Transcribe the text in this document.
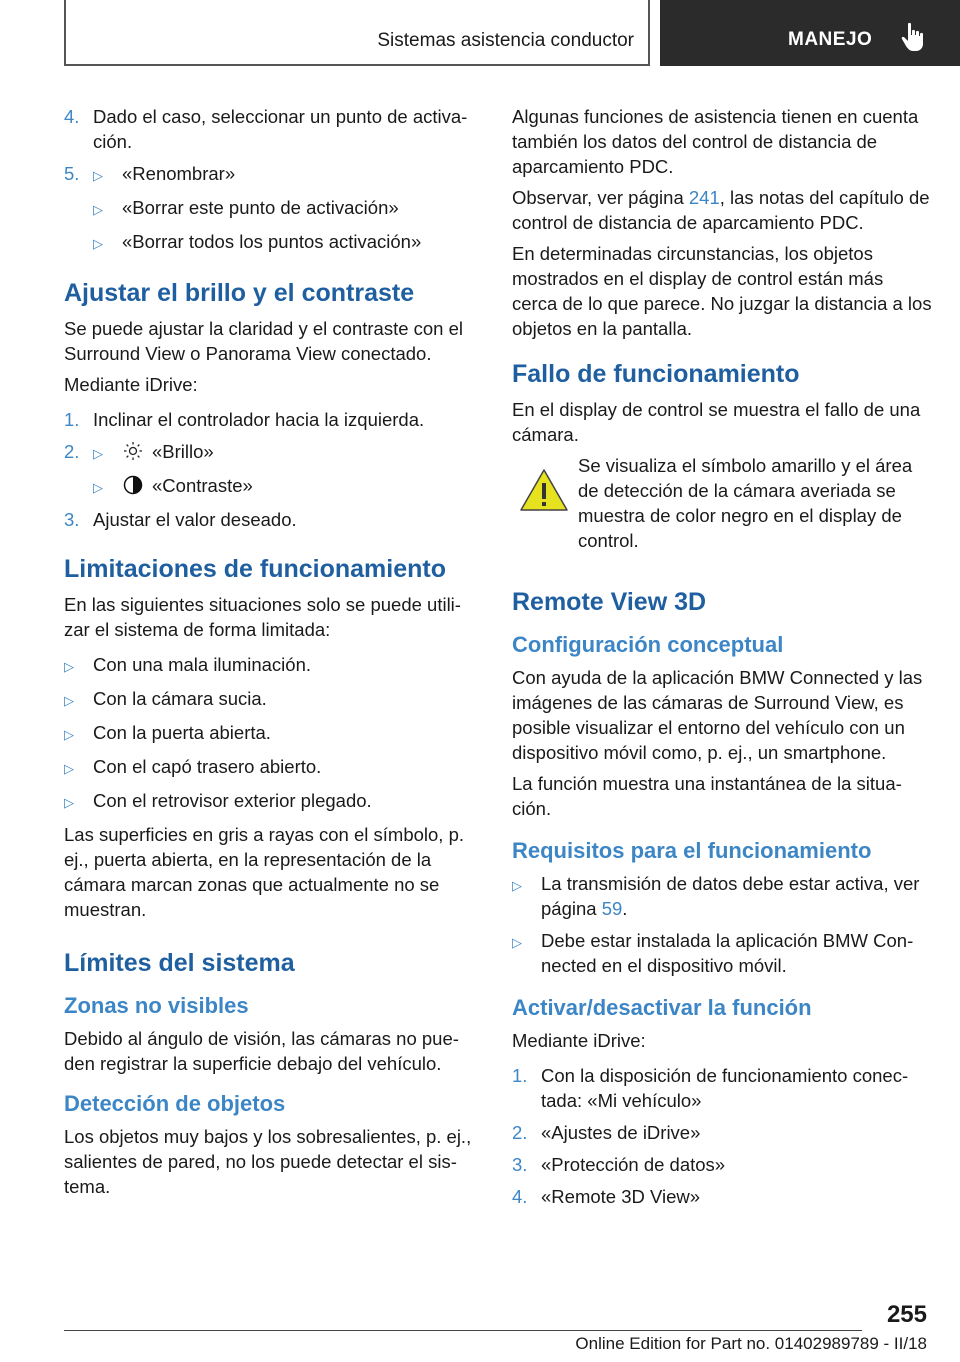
Sistemas asistencia conductor	MANEJO
4. Dado el caso, seleccionar un punto de activa-
ción.
5.	▷	«Renombrar»
▷	«Borrar este punto de activación»
▷	«Borrar todos los puntos activación»
Ajustar el brillo y el contraste
Se puede ajustar la claridad y el contraste con el Surround View o Panorama View conectado.
Mediante iDrive:
1. Inclinar el controlador hacia la izquierda.
2.	▷	«Brillo»
▷	«Contraste»
3. Ajustar el valor deseado.
Limitaciones de funcionamiento
En las siguientes situaciones solo se puede utili-zar el sistema de forma limitada:
▷	Con una mala iluminación.
▷	Con la cámara sucia.
▷	Con la puerta abierta.
▷	Con el capó trasero abierto.
▷	Con el retrovisor exterior plegado.
Las superficies en gris a rayas con el símbolo, p. ej., puerta abierta, en la representación de la cámara marcan zonas que actualmente no se muestran.
Límites del sistema
Zonas no visibles
Debido al ángulo de visión, las cámaras no pue-den registrar la superficie debajo del vehículo.
Detección de objetos
Los objetos muy bajos y los sobresalientes, p. ej., salientes de pared, no los puede detectar el sis-tema.
Algunas funciones de asistencia tienen en cuenta también los datos del control de distancia de aparcamiento PDC.
Observar, ver página 241, las notas del capítulo de control de distancia de aparcamiento PDC.
En determinadas circunstancias, los objetos mostrados en el display de control están más cerca de lo que parece. No juzgar la distancia a los objetos en la pantalla.
Fallo de funcionamiento
En el display de control se muestra el fallo de una cámara.
Se visualiza el símbolo amarillo y el área de detección de la cámara averiada se muestra de color negro en el display de control.
Remote View 3D
Configuración conceptual
Con ayuda de la aplicación BMW Connected y las imágenes de las cámaras de Surround View, es posible visualizar el entorno del vehículo con un dispositivo móvil como, p. ej., un smartphone.
La función muestra una instantánea de la situa-ción.
Requisitos para el funcionamiento
▷	La transmisión de datos debe estar activa, ver página 59.
▷	Debe estar instalada la aplicación BMW Con-nected en el dispositivo móvil.
Activar/desactivar la función
Mediante iDrive:
1. Con la disposición de funcionamiento conec-tada: «Mi vehículo»
2. «Ajustes de iDrive»
3. «Protección de datos»
4. «Remote 3D View»
255
Online Edition for Part no. 01402989789 - II/18
